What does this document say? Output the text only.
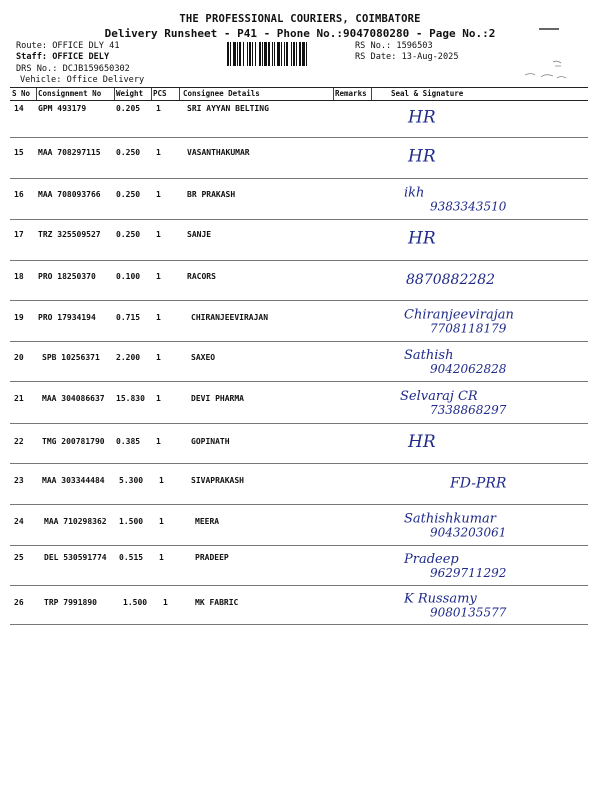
THE PROFESSIONAL COURIERS, COIMBATORE
Delivery Runsheet - P41 - Phone No.:9047080280 - Page No.:2
Route: OFFICE DLY 41
Staff: OFFICE DELY
DRS No.: DCJB159650302
Vehicle: Office Delivery
RS No.: 1596503
RS Date: 13-Aug-2025
S No Consignment No Weight PCS Consignee Details	Remarks	Seal & Signature
14 GPM 493179	0.205 1	SRI AYYAN BELTING	HR
15 MAA 708297115 0.250 1	VASANTHAKUMAR	HR
16 MAA 708093766 0.250 1	BR PRAKASH	ikh9383343510
17 TRZ 325509527 0.250 1	SANJE	HR
18 PRO 18250370	0.100 1	RACORS	8870882282
19 PRO 17934194	0.715 1	CHIRANJEEVIRAJAN	Chiranjeevirajan 7708118179
20 SPB 10256371 2.200 1	SAXEO	Sathish 9042062828
21 MAA 304086637 15.830 1	DEVI PHARMA	Selvaraj CR 7338868297
22 TMG 200781790 0.385 1	GOPINATH	HR
23 MAA 303344484 5.300 1	SIVAPRAKASH	FD-PRR
24	MAA 710298362 1.500 1	MEERA	Sathishkumar 9043203061
25	DEL 530591774 0.515 1	PRADEEP	Pradeep 9629711292
26	TRP 7991890	1.500 1	MK FABRIC	K Russamy 9080135577
